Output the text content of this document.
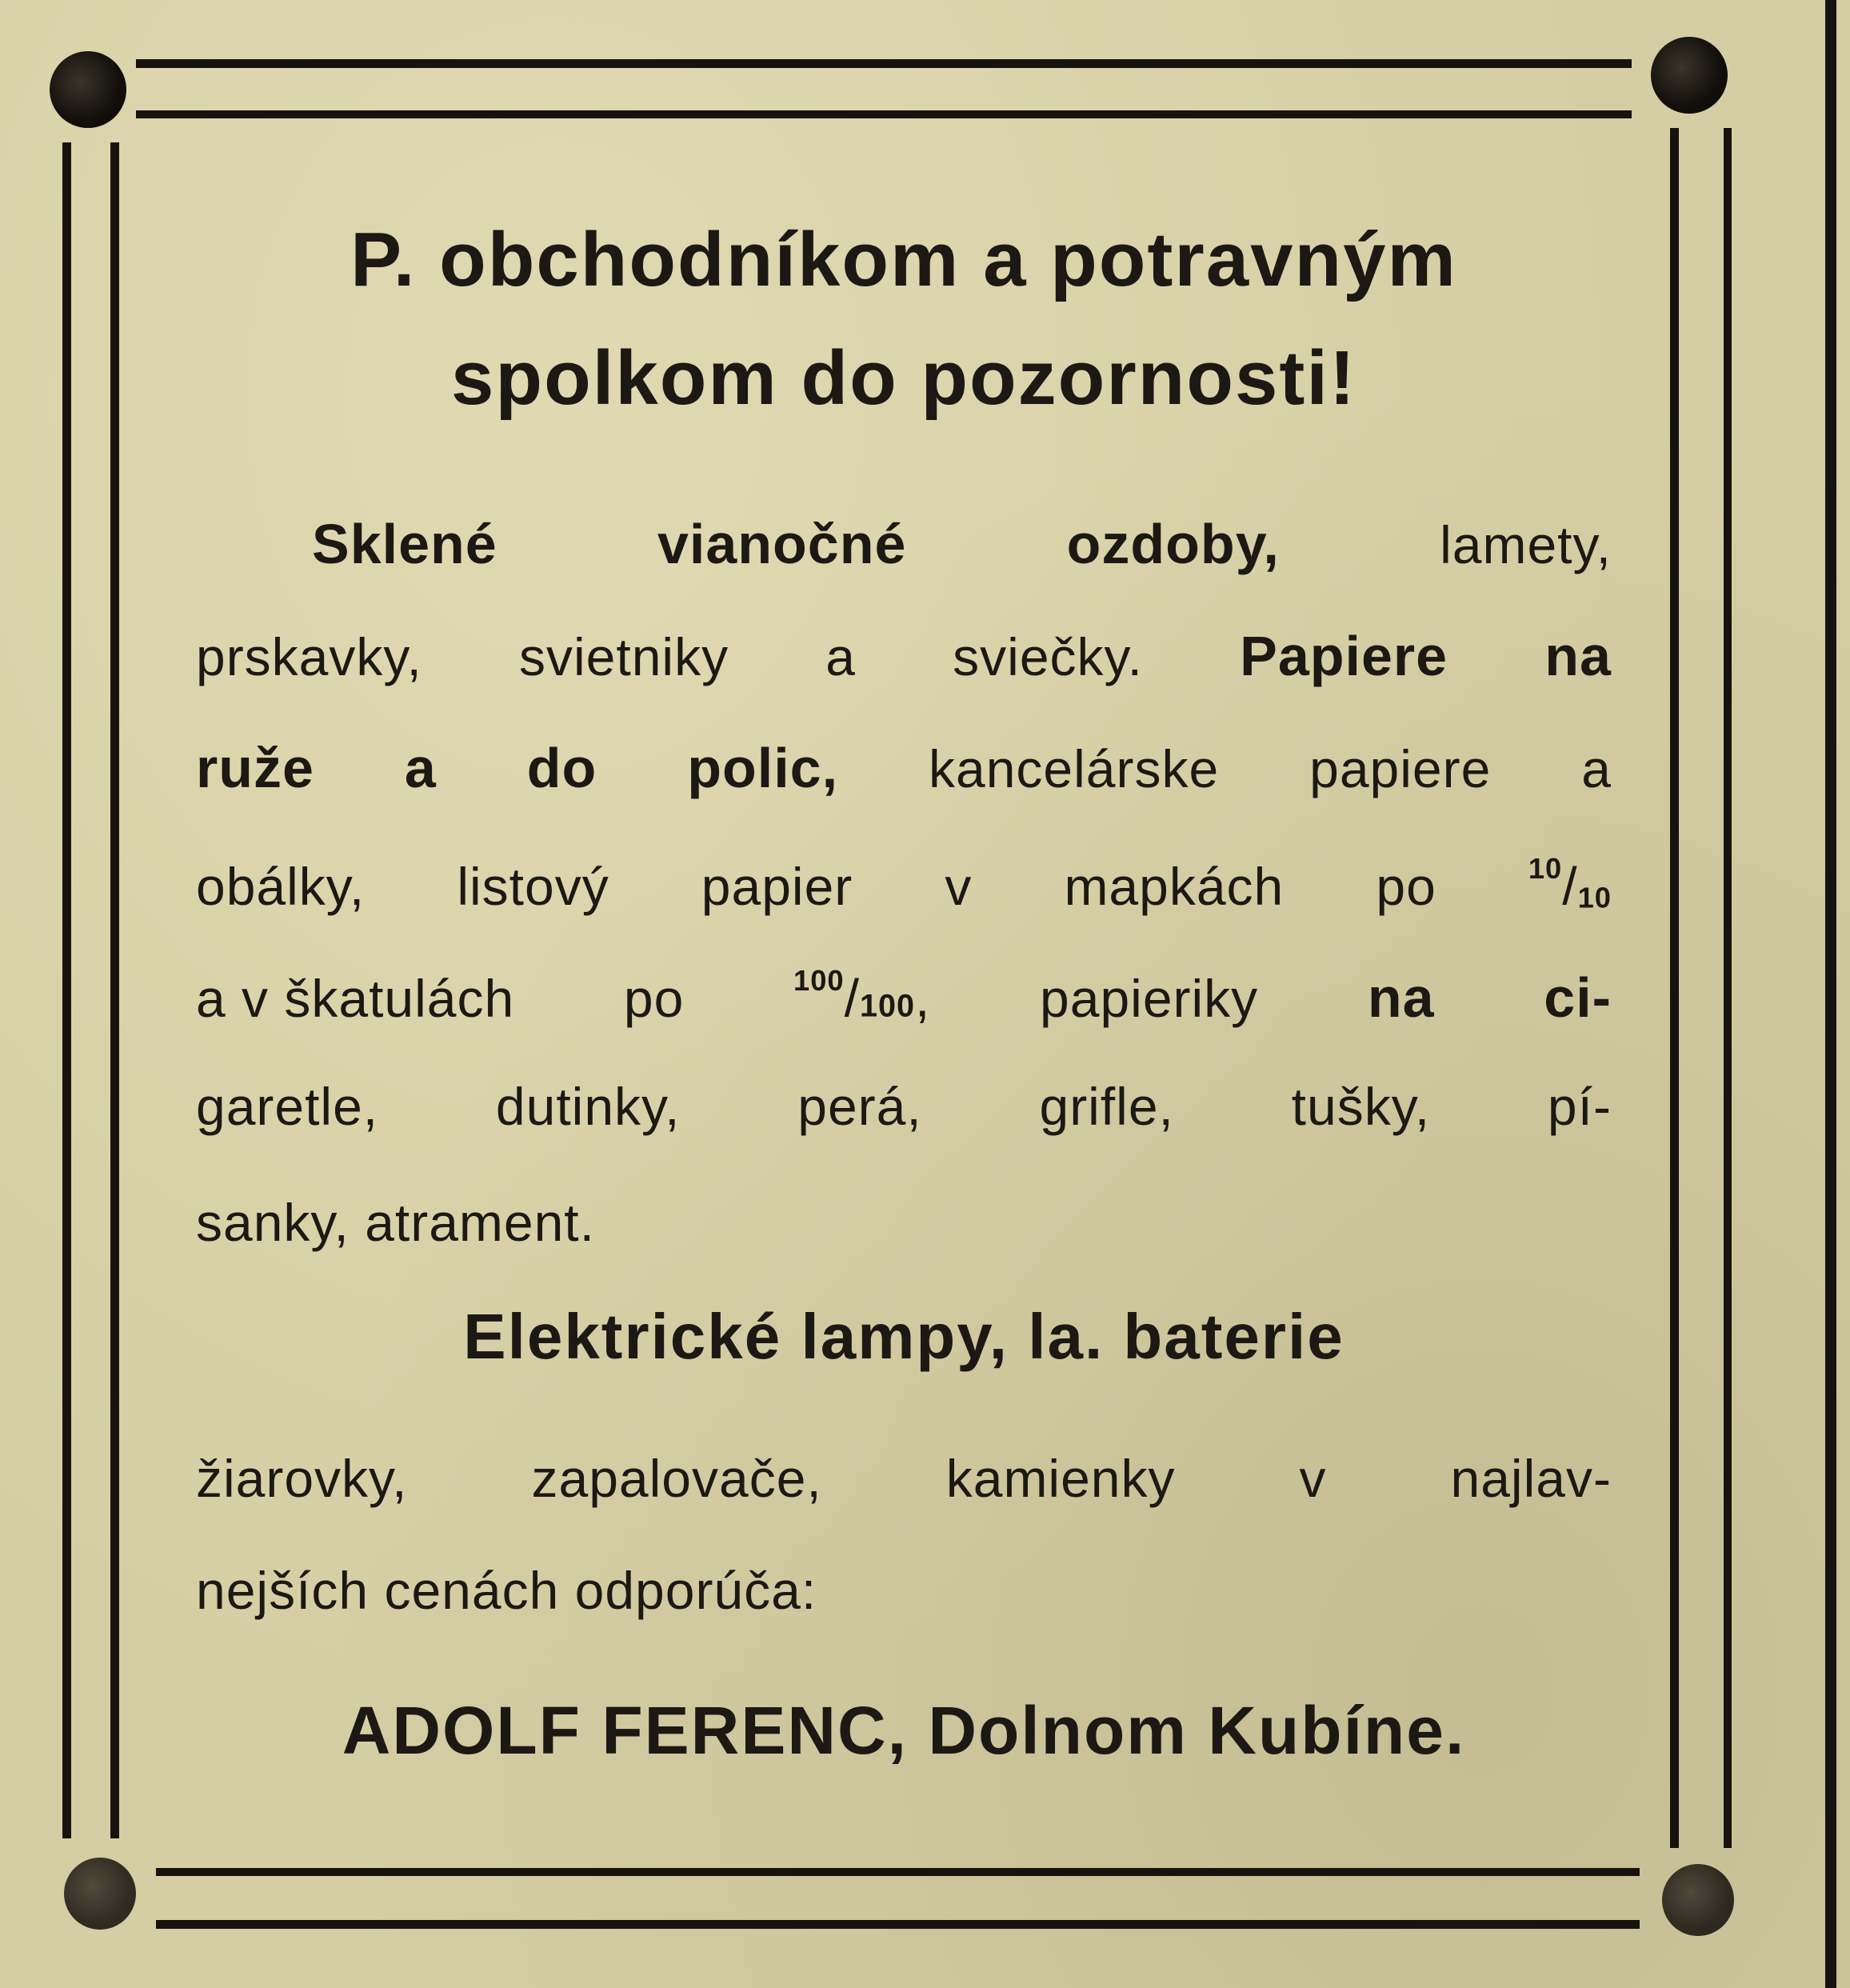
P. obchodníkom a potravným
spolkom do pozornosti!
Sklené	vianočné	ozdoby,	lamety,
prskavky, svietniky a sviečky. Papiere na
ruže a do polic, kancelárske papiere a
obálky, listový papier v mapkách po	$^{10}/_{10}$
a v škatulách po	$^{100}$/100, papieriky na ci-
garetle, dutinky, perá, grifle, tušky, pí-
sanky, atrament.
Elektrické lampy, la. baterie
žiarovky, zapalovače, kamienky v najlav-
nejších cenách odporúča:
ADOLF FERENC, Dolnom Kubíne.
